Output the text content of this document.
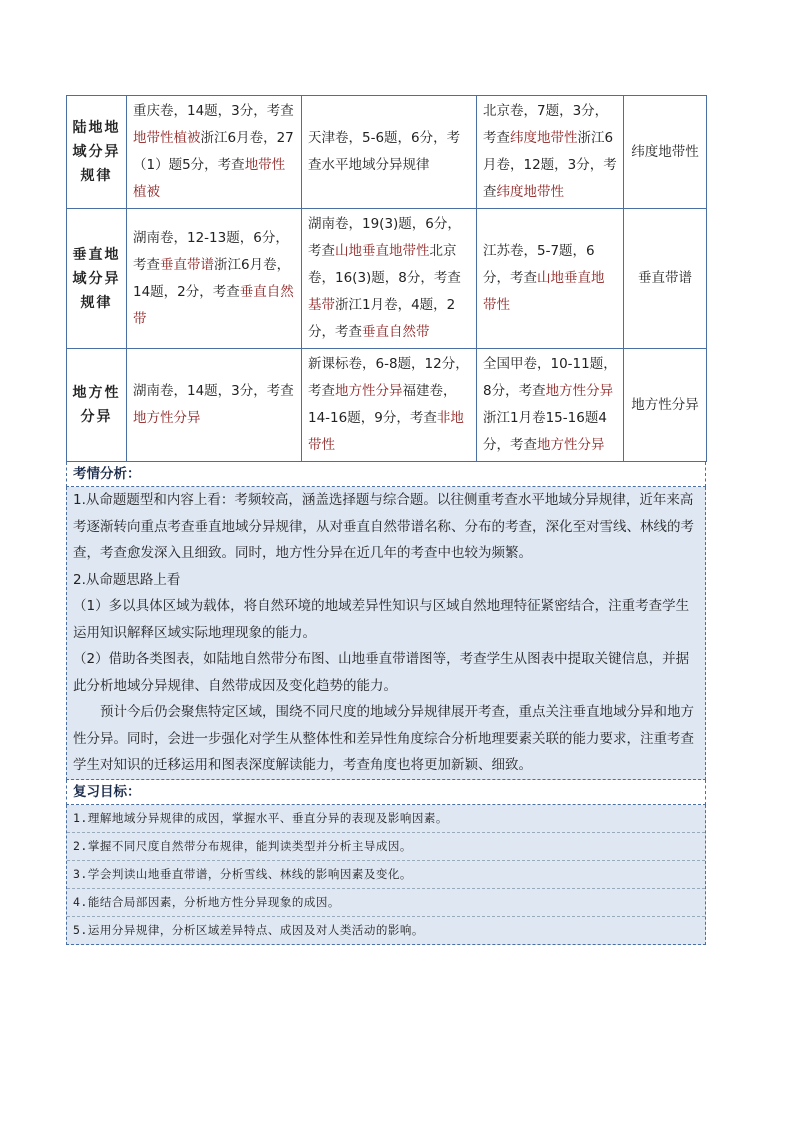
陆地地域分异规律	重庆卷，14题，3分，考查地带性植被浙江6月卷，27（1）题5分，考查地带性植被	天津卷，5-6题，6分，考查水平地域分异规律	北京卷，7题，3分，考查纬度地带性浙江6月卷，12题，3分，考查纬度地带性	纬度地带性
垂直地域分异规律	湖南卷，12-13题，6分，考查垂直带谱浙江6月卷，14题，2分，考查垂直自然带	湖南卷，19(3)题，6分，考查山地垂直地带性北京卷，16(3)题，8分，考查基带浙江1月卷，4题，2分，考查垂直自然带	江苏卷，5-7题，6分，考查山地垂直地带性	垂直带谱
地方性分异	湖南卷，14题，3分，考查地方性分异	新课标卷，6-8题，12分，考查地方性分异福建卷，14-16题，9分，考查非地带性	全国甲卷，10-11题，8分，考查地方性分异浙江1月卷15-16题4分，考查地方性分异	地方性分异
考情分析：
1.从命题题型和内容上看：考频较高，涵盖选择题与综合题。以往侧重考查水平地域分异规律，近年来高考逐渐转向重点考查垂直地域分异规律，从对垂直自然带谱名称、分布的考查，深化至对雪线、林线的考查，考查愈发深入且细致。同时，地方性分异在近几年的考查中也较为频繁。
2.从命题思路上看
（1）多以具体区域为载体，将自然环境的地域差异性知识与区域自然地理特征紧密结合，注重考查学生运用知识解释区域实际地理现象的能力。
（2）借助各类图表，如陆地自然带分布图、山地垂直带谱图等，考查学生从图表中提取关键信息，并据此分析地域分异规律、自然带成因及变化趋势的能力。
预计今后仍会聚焦特定区域，围绕不同尺度的地域分异规律展开考查，重点关注垂直地域分异和地方性分异。同时，会进一步强化对学生从整体性和差异性角度综合分析地理要素关联的能力要求，注重考查学生对知识的迁移运用和图表深度解读能力，考查角度也将更加新颖、细致。
复习目标：
1.理解地域分异规律的成因，掌握水平、垂直分异的表现及影响因素。
2.掌握不同尺度自然带分布规律，能判读类型并分析主导成因。
3.学会判读山地垂直带谱，分析雪线、林线的影响因素及变化。
4.能结合局部因素，分析地方性分异现象的成因。
5.运用分异规律，分析区域差异特点、成因及对人类活动的影响。
